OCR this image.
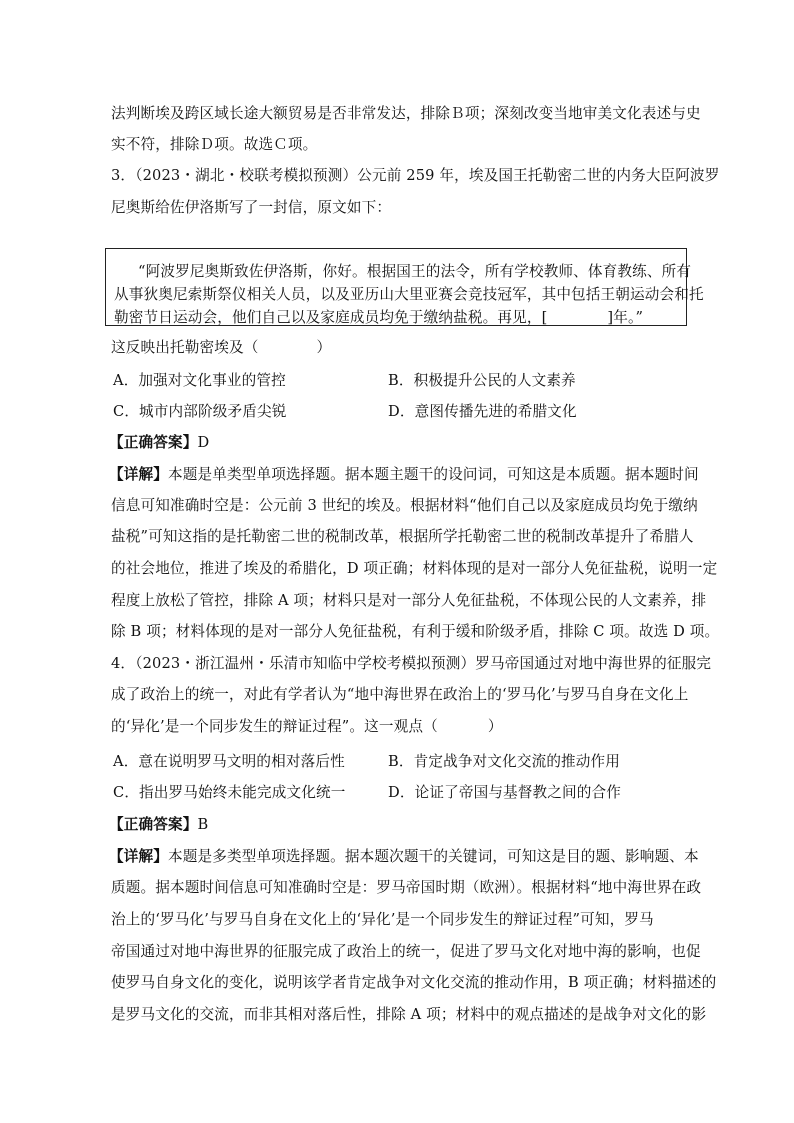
法判断埃及跨区域长途大额贸易是否非常发达，排除Ｂ项；深刻改变当地审美文化表述与史
实不符，排除Ｄ项。故选Ｃ项。
3．（2023・湖北・校联考模拟预测）公元前 259 年，埃及国王托勒密二世的内务大臣阿波罗
尼奥斯给佐伊洛斯写了一封信，原文如下：
“阿波罗尼奥斯致佐伊洛斯，你好。根据国王的法令，所有学校教师、体育教练、所有
从事狄奥尼索斯祭仪相关人员，以及亚历山大里亚赛会竞技冠军，其中包括王朝运动会和托
勒密节日运动会，他们自己以及家庭成员均免于缴纳盐税。再见，[	]年。”
这反映出托勒密埃及（	）
A．加强对文化事业的管控	B．积极提升公民的人文素养
C．城市内部阶级矛盾尖锐	D．意图传播先进的希腊文化
【正确答案】D
【详解】本题是单类型单项选择题。据本题主题干的设问词，可知这是本质题。据本题时间
信息可知准确时空是：公元前 3 世纪的埃及。根据材料“他们自己以及家庭成员均免于缴纳
盐税”可知这指的是托勒密二世的税制改革，根据所学托勒密二世的税制改革提升了希腊人
的社会地位，推进了埃及的希腊化，D 项正确；材料体现的是对一部分人免征盐税，说明一定
程度上放松了管控，排除 A 项；材料只是对一部分人免征盐税，不体现公民的人文素养，排
除 B 项；材料体现的是对一部分人免征盐税，有利于缓和阶级矛盾，排除 C 项。故选 D 项。
4．（2023・浙江温州・乐清市知临中学校考模拟预测）罗马帝国通过对地中海世界的征服完
成了政治上的统一，对此有学者认为“地中海世界在政治上的‘罗马化’与罗马自身在文化上
的‘异化’是一个同步发生的辩证过程”。这一观点（	）
A．意在说明罗马文明的相对落后性	B．肯定战争对文化交流的推动作用
C．指出罗马始终未能完成文化统一	D．论证了帝国与基督教之间的合作
【正确答案】B
【详解】本题是多类型单项选择题。据本题次题干的关键词，可知这是目的题、影响题、本
质题。据本题时间信息可知准确时空是：罗马帝国时期（欧洲）。根据材料“地中海世界在政
治上的‘罗马化’与罗马自身在文化上的‘异化’是一个同步发生的辩证过程”可知，罗马
帝国通过对地中海世界的征服完成了政治上的统一，促进了罗马文化对地中海的影响，也促
使罗马自身文化的变化，说明该学者肯定战争对文化交流的推动作用，B 项正确；材料描述的
是罗马文化的交流，而非其相对落后性，排除 A 项；材料中的观点描述的是战争对文化的影
